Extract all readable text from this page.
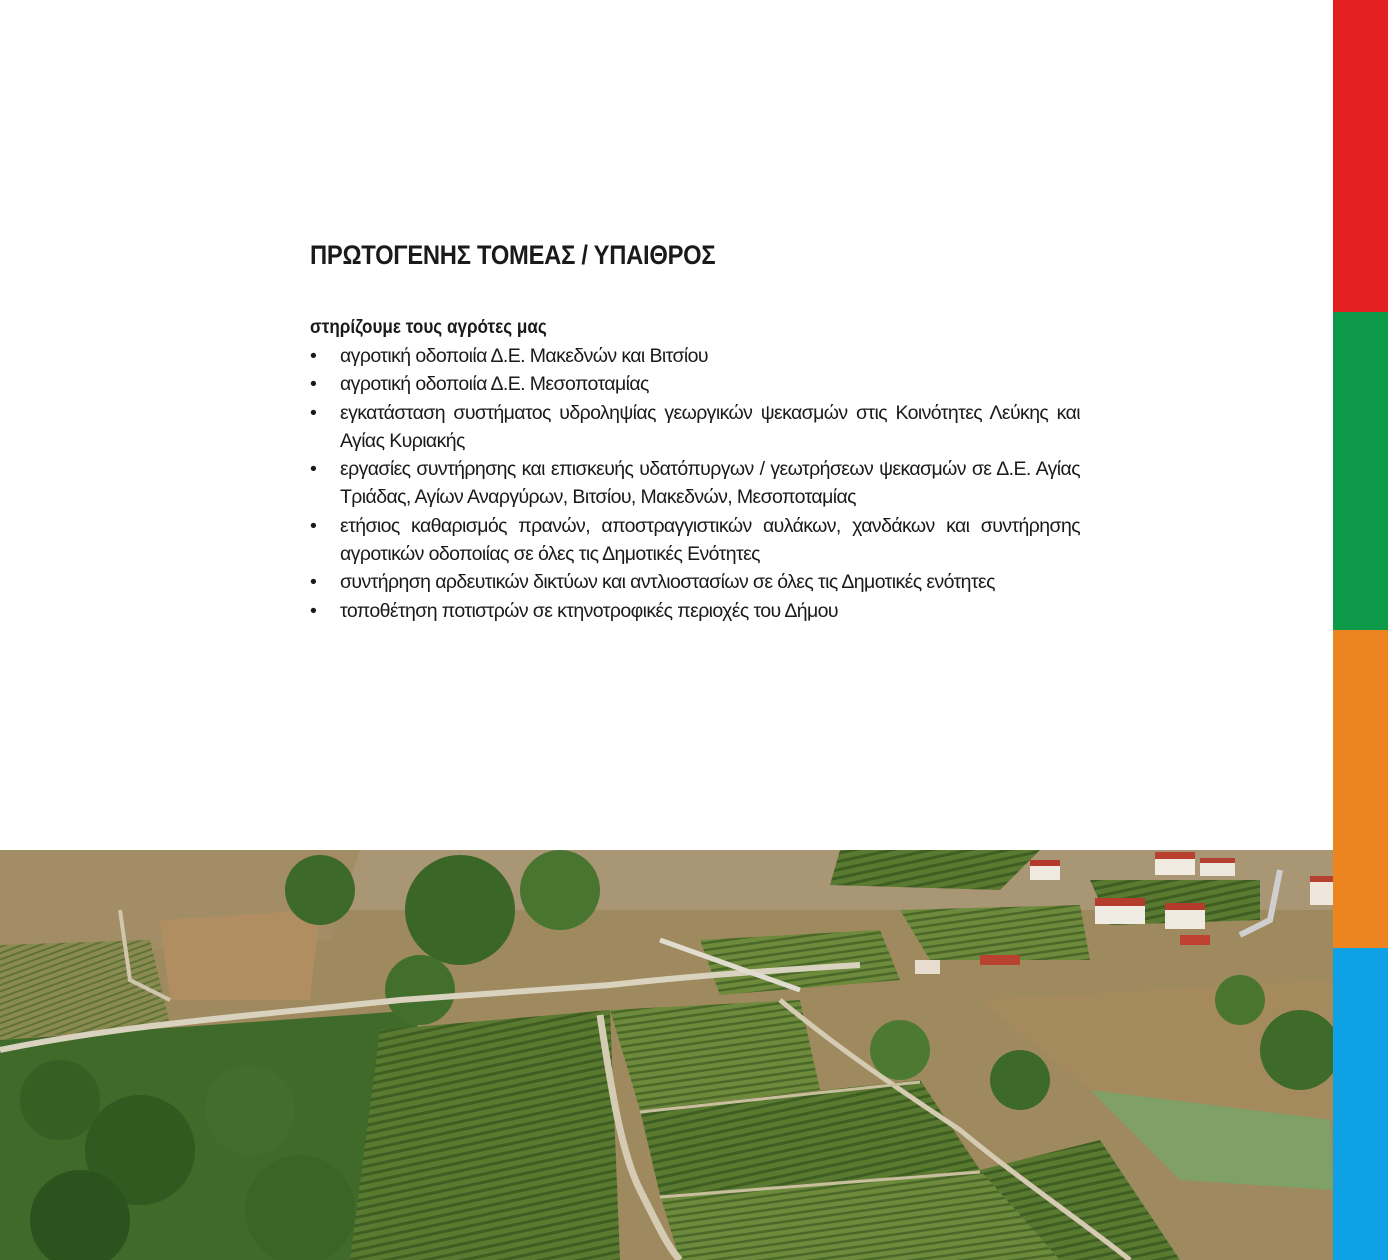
ΠΡΩΤΟΓΕΝΗΣ ΤΟΜΕΑΣ / ΥΠΑΙΘΡΟΣ
στηρίζουμε τους αγρότες μας
• αγροτική οδοποιία Δ.Ε. Μακεδνών και Βιτσίου
• αγροτική οδοποιία Δ.Ε. Μεσοποταμίας
• εγκατάσταση συστήματος υδροληψίας γεωργικών ψεκασμών στις Κοινότητες Λεύκης και Αγίας Κυριακής
• εργασίες συντήρησης και επισκευής υδατόπυργων / γεωτρήσεων ψεκασμών σε Δ.Ε. Αγίας Τριάδας, Αγίων Αναργύρων, Βιτσίου, Μακεδνών, Μεσοποταμίας
• ετήσιος καθαρισμός πρανών, αποστραγγιστικών αυλάκων, χανδάκων και συντήρησης αγροτικών οδοποιίας σε όλες τις Δημοτικές Ενότητες
• συντήρηση αρδευτικών δικτύων και αντλιοστασίων σε όλες τις Δημοτικές ενότητες
• τοποθέτηση ποτιστρών σε κτηνοτροφικές περιοχές του Δήμου
